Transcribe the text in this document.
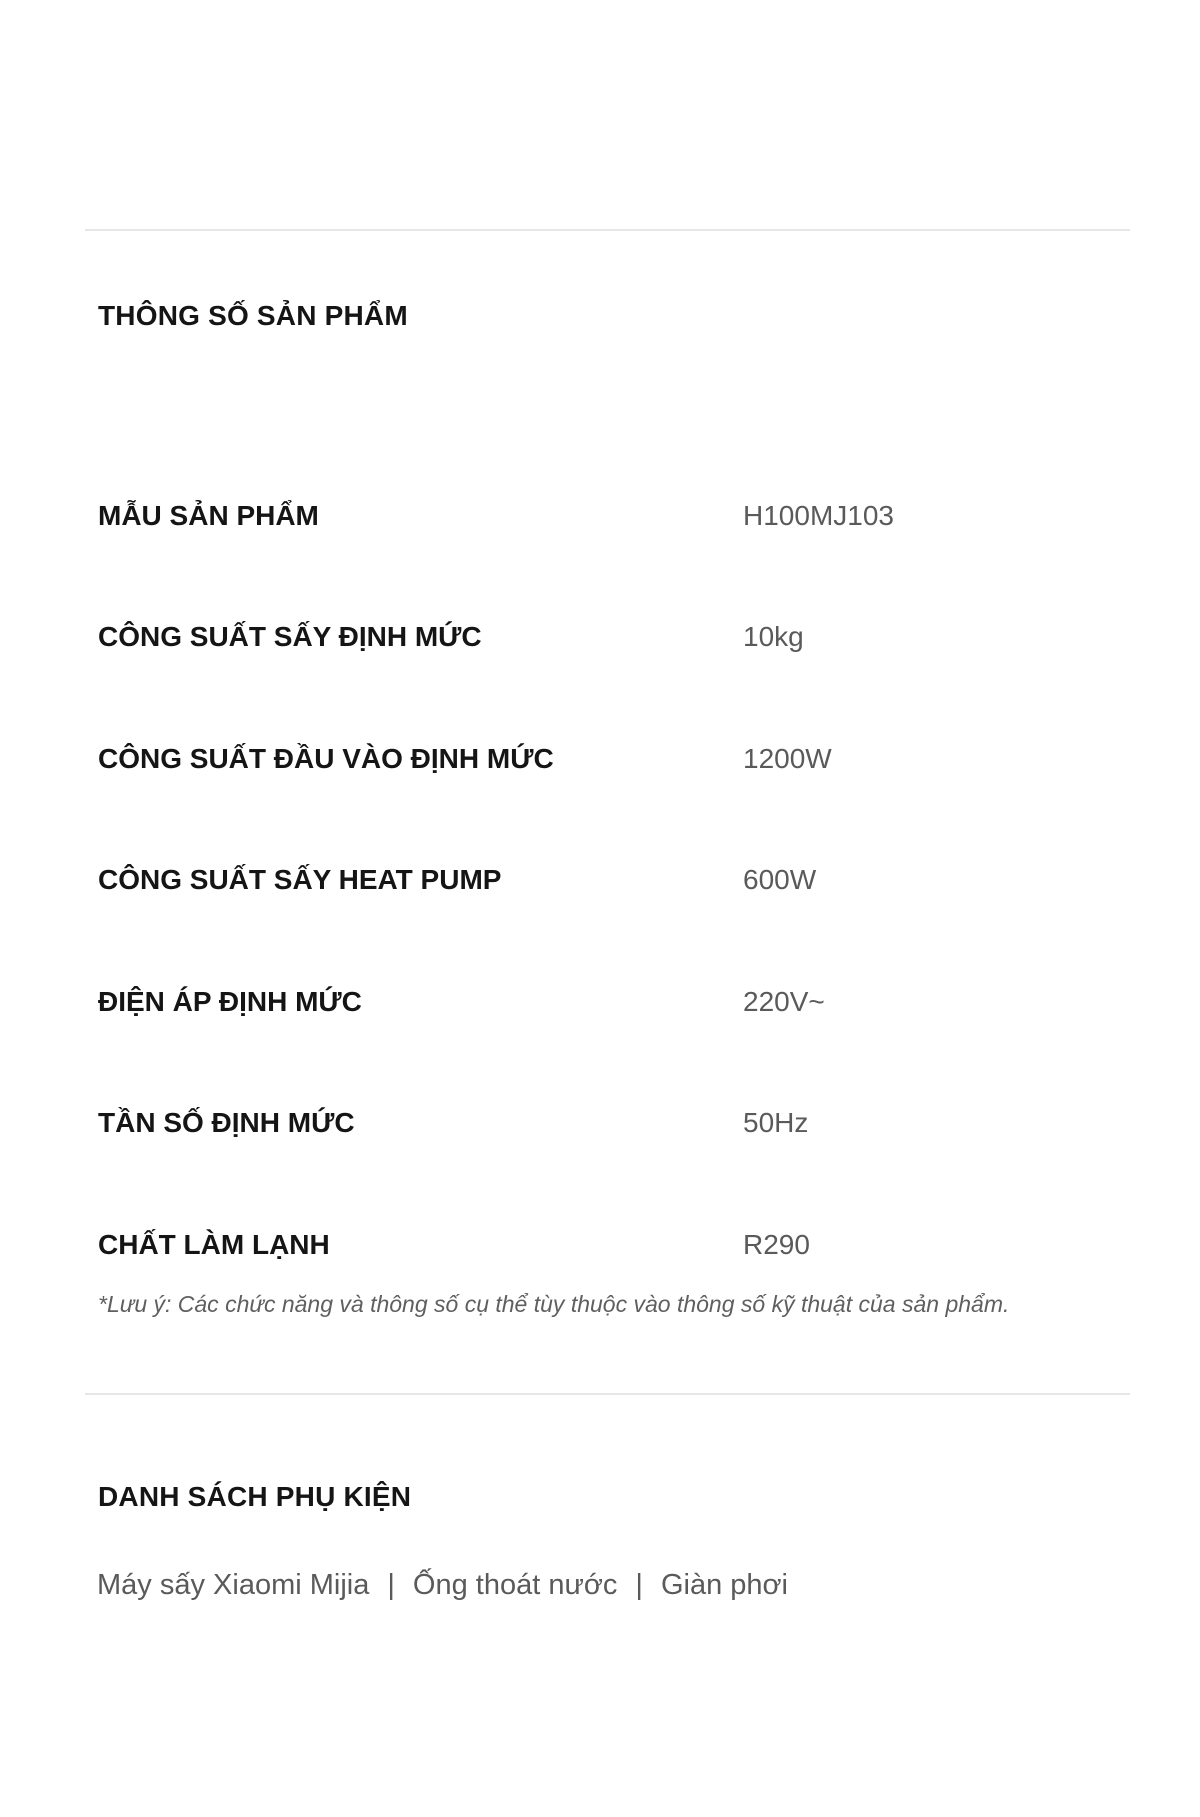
THÔNG SỐ SẢN PHẨM
MẪU SẢN PHẨM	H100MJ103
CÔNG SUẤT SẤY ĐỊNH MỨC	10kg
CÔNG SUẤT ĐẦU VÀO ĐỊNH MỨC	1200W
CÔNG SUẤT SẤY HEAT PUMP	600W
ĐIỆN ÁP ĐỊNH MỨC	220V~
TẦN SỐ ĐỊNH MỨC	50Hz
CHẤT LÀM LẠNH	R290

*Lưu ý: Các chức năng và thông số cụ thể tùy thuộc vào thông số kỹ thuật của sản phẩm.

DANH SÁCH PHỤ KIỆN
Máy sấy Xiaomi Mijia | Ống thoát nước | Giàn phơi
